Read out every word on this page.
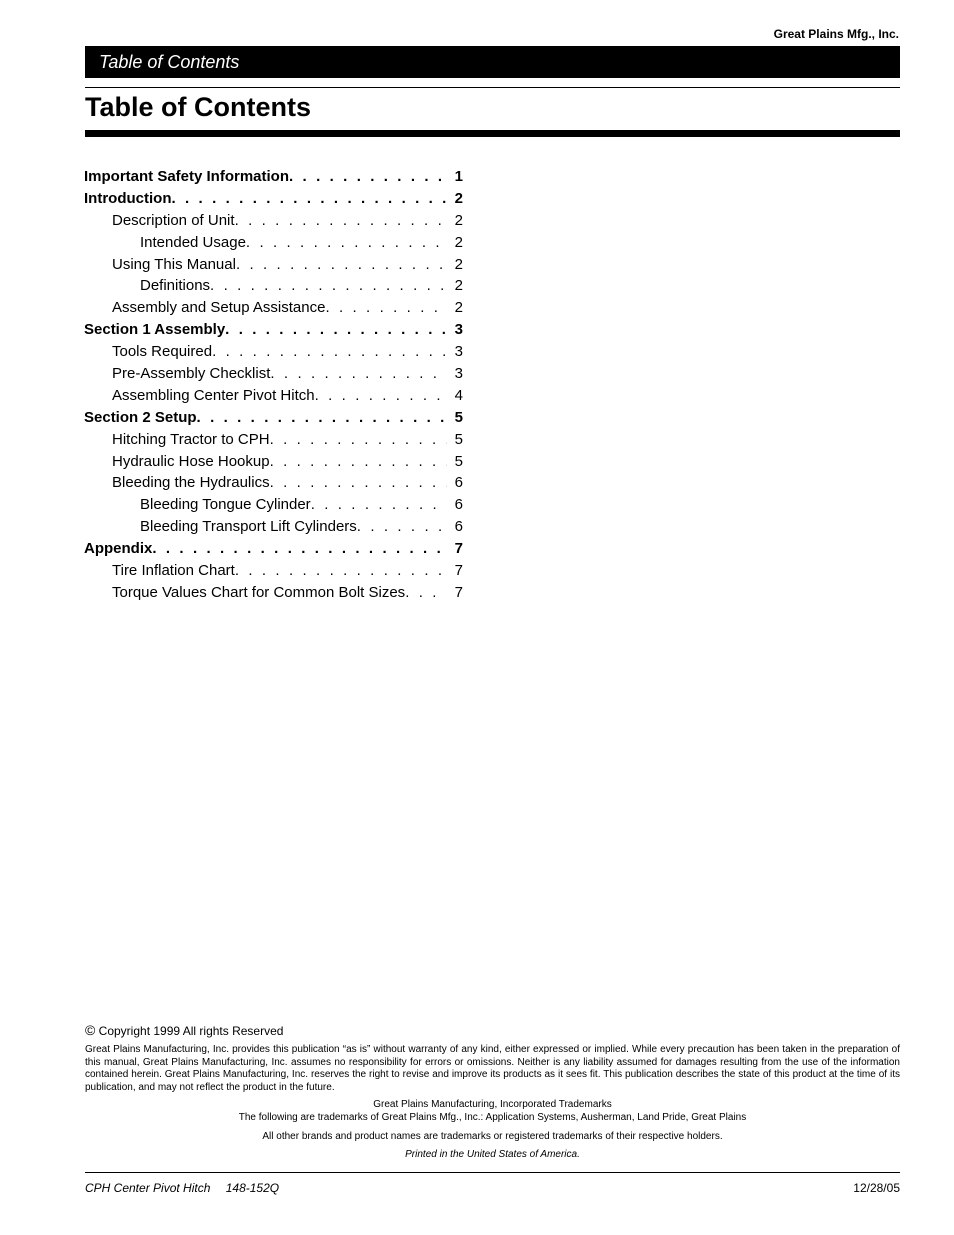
Great Plains Mfg., Inc.
Table of Contents
Table of Contents
Important Safety Information . . .	1
Introduction . . .	2
Description of Unit . . .	2
Intended Usage . . .	2
Using This Manual . . .	2
Definitions . . .	2
Assembly and Setup Assistance . . .	2
Section 1 Assembly . . .	3
Tools Required . . .	3
Pre-Assembly Checklist . . .	3
Assembling Center Pivot Hitch . . .	4
Section 2 Setup . . .	5
Hitching Tractor to CPH . . .	5
Hydraulic Hose Hookup . . .	5
Bleeding the Hydraulics . . .	6
Bleeding Tongue Cylinder . . .	6
Bleeding Transport Lift Cylinders . . .	6
Appendix . . .	7
Tire Inflation Chart . . .	7
Torque Values Chart for Common Bolt Sizes . . .	7
© Copyright 1999 All rights Reserved
Great Plains Manufacturing, Inc. provides this publication “as is” without warranty of any kind, either expressed or implied. While every precaution has been taken in the preparation of this manual, Great Plains Manufacturing, Inc. assumes no responsibility for errors or omissions. Neither is any liability assumed for damages resulting from the use of the information contained herein. Great Plains Manufacturing, Inc. reserves the right to revise and improve its products as it sees fit. This publication describes the state of this product at the time of its publication, and may not reflect the product in the future.
Great Plains Manufacturing, Incorporated Trademarks
The following are trademarks of Great Plains Mfg., Inc.: Application Systems, Ausherman, Land Pride, Great Plains
All other brands and product names are trademarks or registered trademarks of their respective holders.
Printed in the United States of America.
CPH Center Pivot Hitch 148-152Q	12/28/05
